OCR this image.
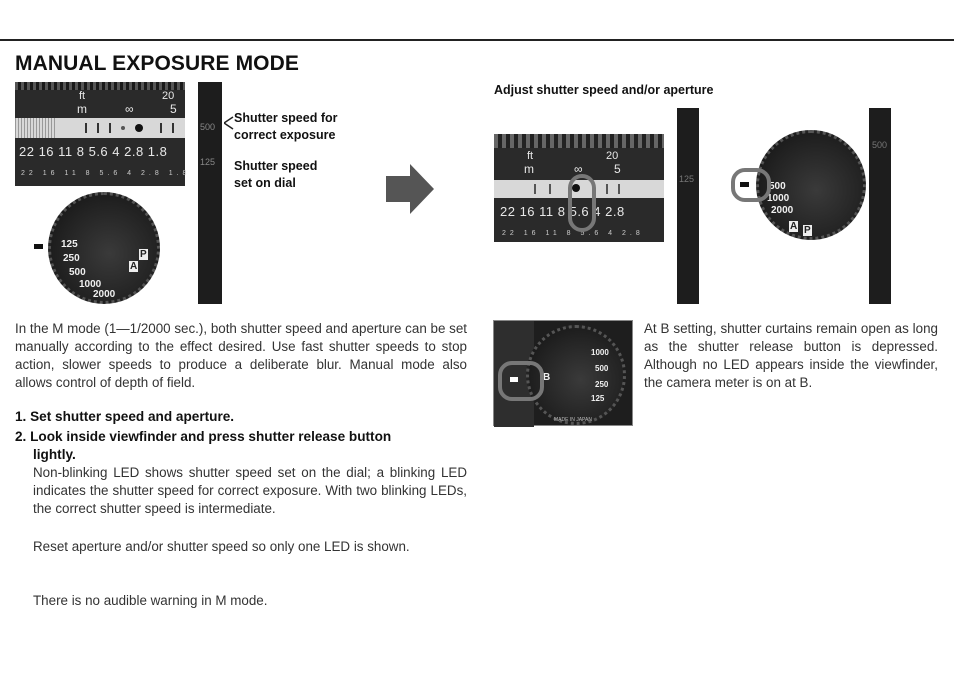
MANUAL EXPOSURE MODE
ft	20
m	∞	5
22 16 11 8 5.6 4 2.8 1.8
22 16 11 8 5.6 4 2.8 1.8
500
125
Shutter speed for
correct exposure
Shutter speed
set on dial
125
250
500
1000
2000
A
P
Adjust shutter speed and/or aperture
ft	20
m	∞	5
22 16 11 8 5.6 4 2.8
22 16 11 8 5.6 4 2.8
125
500
1000
2000
A P
500
B
1000
500
250
125
MADE IN JAPAN
At B setting, shutter curtains remain open as long as the shutter release button is depressed. Although no LED appears inside the viewfinder, the camera meter is on at B.
In the M mode (1—1/2000 sec.), both shutter speed and aperture can be set manually according to the effect desired. Use fast shutter speeds to stop action, slower speeds to produce a deliberate blur. Manual mode also allows control of depth of field.
1. Set shutter speed and aperture.
2. Look inside viewfinder and press shutter release button
lightly.
Non-blinking LED shows shutter speed set on the dial; a blinking LED indicates the shutter speed for correct exposure. With two blinking LEDs, the correct shutter speed is intermediate.
Reset aperture and/or shutter speed so only one LED is shown.
There is no audible warning in M mode.
